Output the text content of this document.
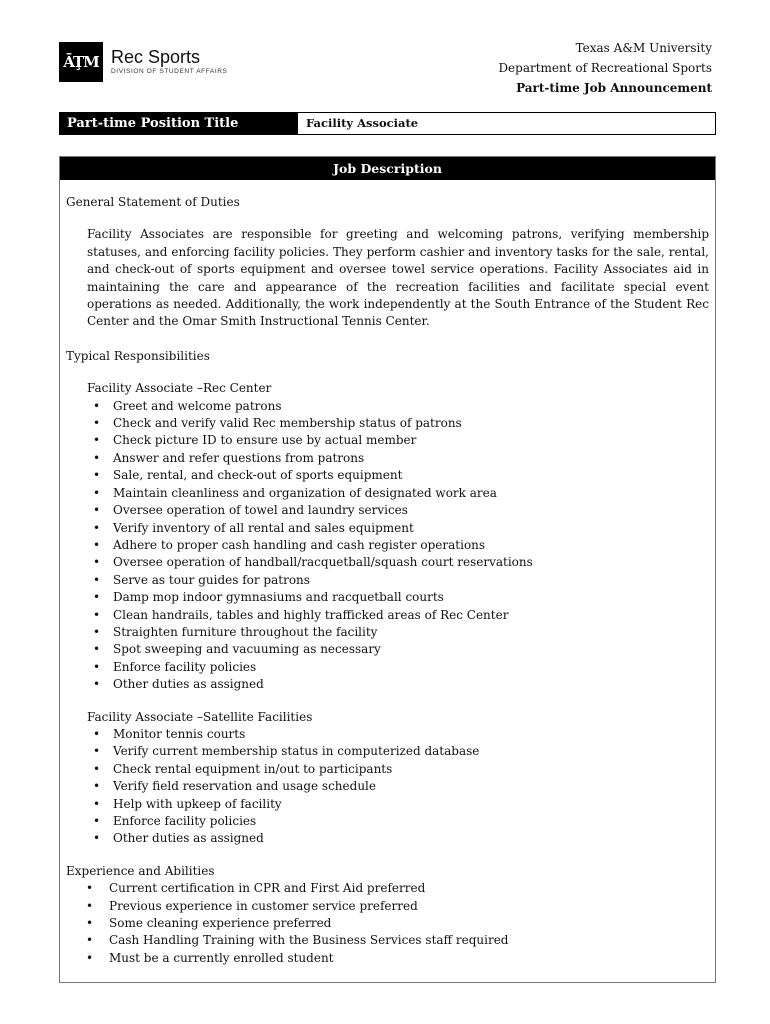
ĀŢM Rec Sports
DIVISION OF STUDENT AFFAIRS
Texas A&M University
Department of Recreational Sports
Part-time Job Announcement
Part-time Position Title	Facility Associate
Job Description

General Statement of Duties

Facility Associates are responsible for greeting and welcoming patrons, verifying membership statuses, and enforcing facility policies. They perform cashier and inventory tasks for the sale, rental, and check-out of sports equipment and oversee towel service operations. Facility Associates aid in maintaining the care and appearance of the recreation facilities and facilitate special event operations as needed. Additionally, the work independently at the South Entrance of the Student Rec Center and the Omar Smith Instructional Tennis Center.

Typical Responsibilities

Facility Associate –Rec Center
• Greet and welcome patrons
• Check and verify valid Rec membership status of patrons
• Check picture ID to ensure use by actual member
• Answer and refer questions from patrons
• Sale, rental, and check-out of sports equipment
• Maintain cleanliness and organization of designated work area
• Oversee operation of towel and laundry services
• Verify inventory of all rental and sales equipment
• Adhere to proper cash handling and cash register operations
• Oversee operation of handball/racquetball/squash court reservations
• Serve as tour guides for patrons
• Damp mop indoor gymnasiums and racquetball courts
• Clean handrails, tables and highly trafficked areas of Rec Center
• Straighten furniture throughout the facility
• Spot sweeping and vacuuming as necessary
• Enforce facility policies
• Other duties as assigned
Facility Associate –Satellite Facilities
• Monitor tennis courts
• Verify current membership status in computerized database
• Check rental equipment in/out to participants
• Verify field reservation and usage schedule
• Help with upkeep of facility
• Enforce facility policies
• Other duties as assigned

Experience and Abilities

• Current certification in CPR and First Aid preferred
• Previous experience in customer service preferred
• Some cleaning experience preferred
• Cash Handling Training with the Business Services staff required
• Must be a currently enrolled student
